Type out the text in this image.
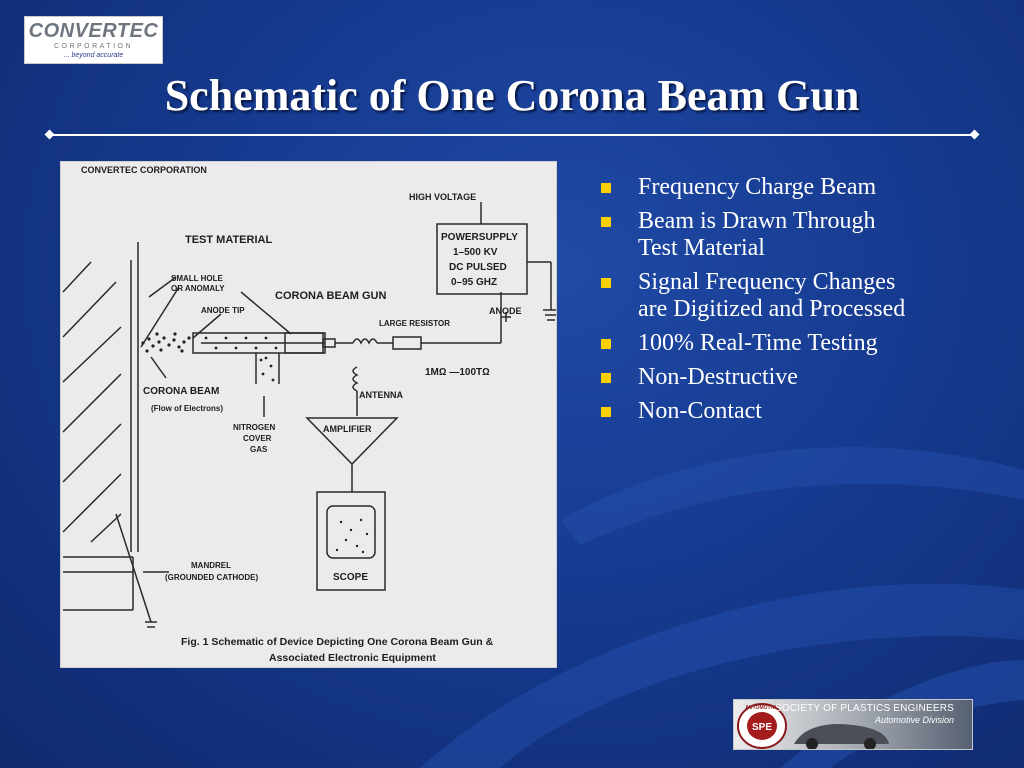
CONVERTEC
CORPORATION
... beyond accurate
Schematic of One Corona Beam Gun
CONVERTEC CORPORATION
HIGH VOLTAGE
TEST MATERIAL
SMALL HOLE
OR ANOMALY
ANODE TIP
CORONA BEAM GUN
POWERSUPPLY
1–500 KV
DC PULSED
0–95 GHZ
ANODE
LARGE RESISTOR
1MΩ —100TΩ
CORONA BEAM
(Flow of Electrons)
ANTENNA
NITROGEN
COVER
GAS
AMPLIFIER
MANDREL
(GROUNDED CATHODE)	SCOPE
Fig. 1 Schematic of Device Depicting One Corona Beam Gun &
Associated Electronic Equipment
Frequency Charge Beam
Beam is Drawn Through
Test Material
Signal Frequency Changes
are Digitized and Processed
100% Real-Time Testing
Non-Destructive
Non-Contact
SPE
AUTOMOTIVE
SOCIETY OF PLASTICS ENGINEERS
Automotive Division
